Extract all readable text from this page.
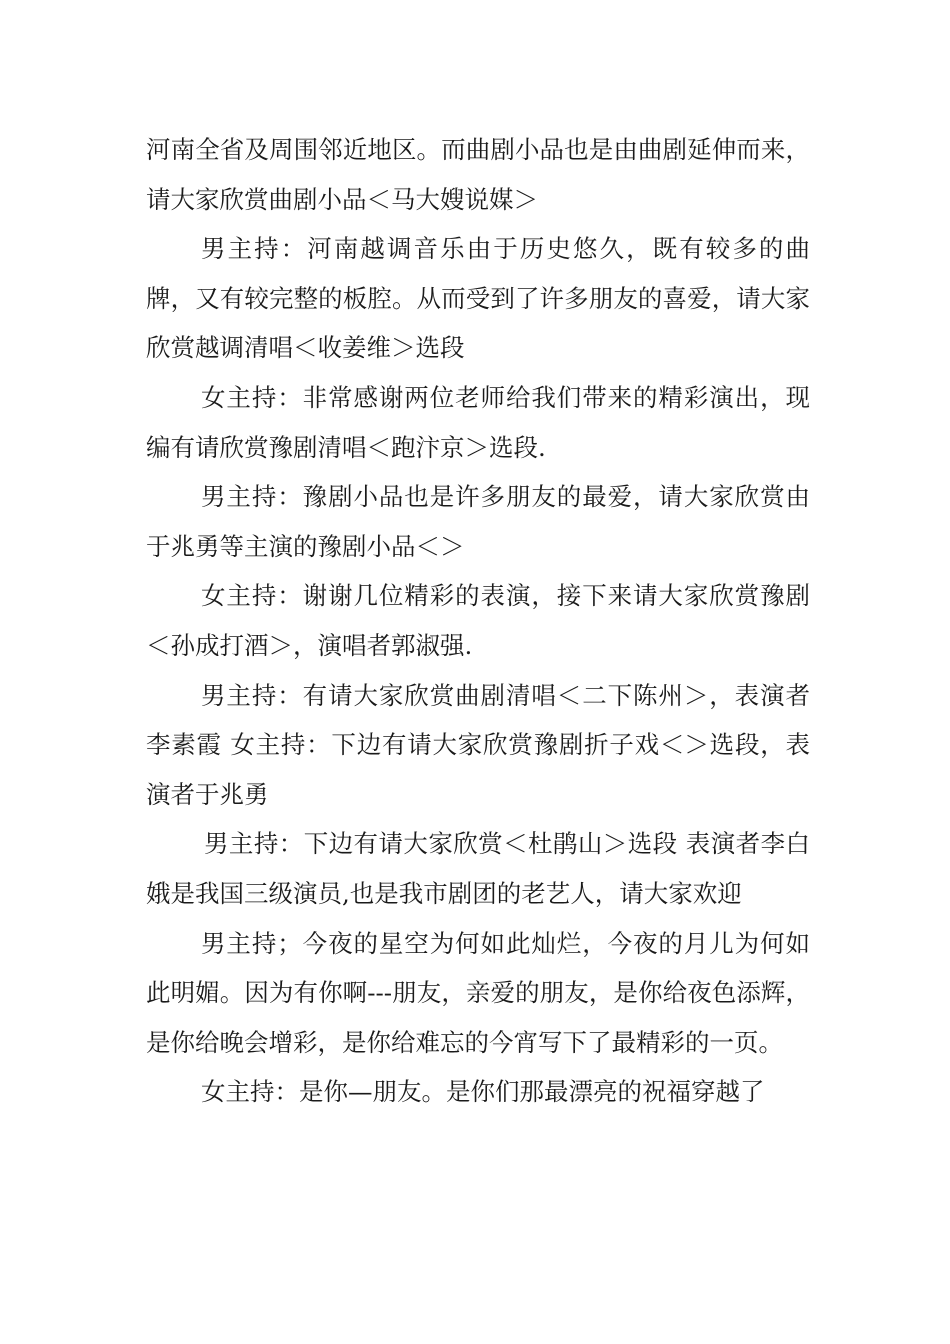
河南全省及周围邻近地区。而曲剧小品也是由曲剧延伸而来，请大家欣赏曲剧小品＜马大嫂说媒＞

男主持：河南越调音乐由于历史悠久，既有较多的曲牌，又有较完整的板腔。从而受到了许多朋友的喜爱，请大家欣赏越调清唱＜收姜维＞选段

女主持：非常感谢两位老师给我们带来的精彩演出，现编有请欣赏豫剧清唱＜跑汴京＞选段.

男主持：豫剧小品也是许多朋友的最爱，请大家欣赏由于兆勇等主演的豫剧小品＜＞

女主持：谢谢几位精彩的表演，接下来请大家欣赏豫剧＜孙成打酒＞，演唱者郭淑强.

男主持：有请大家欣赏曲剧清唱＜二下陈州＞，表演者 李素霞 女主持：下边有请大家欣赏豫剧折子戏＜＞选段，表演者于兆勇

男主持：下边有请大家欣赏＜杜鹃山＞选段 表演者李白娥是我国三级演员,也是我市剧团的老艺人，请大家欢迎

男主持；今夜的星空为何如此灿烂，今夜的月儿为何如此明媚。因为有你啊---朋友，亲爱的朋友，是你给夜色添辉，是你给晚会增彩，是你给难忘的今宵写下了最精彩的一页。

女主持：是你—朋友。是你们那最漂亮的祝福穿越了
